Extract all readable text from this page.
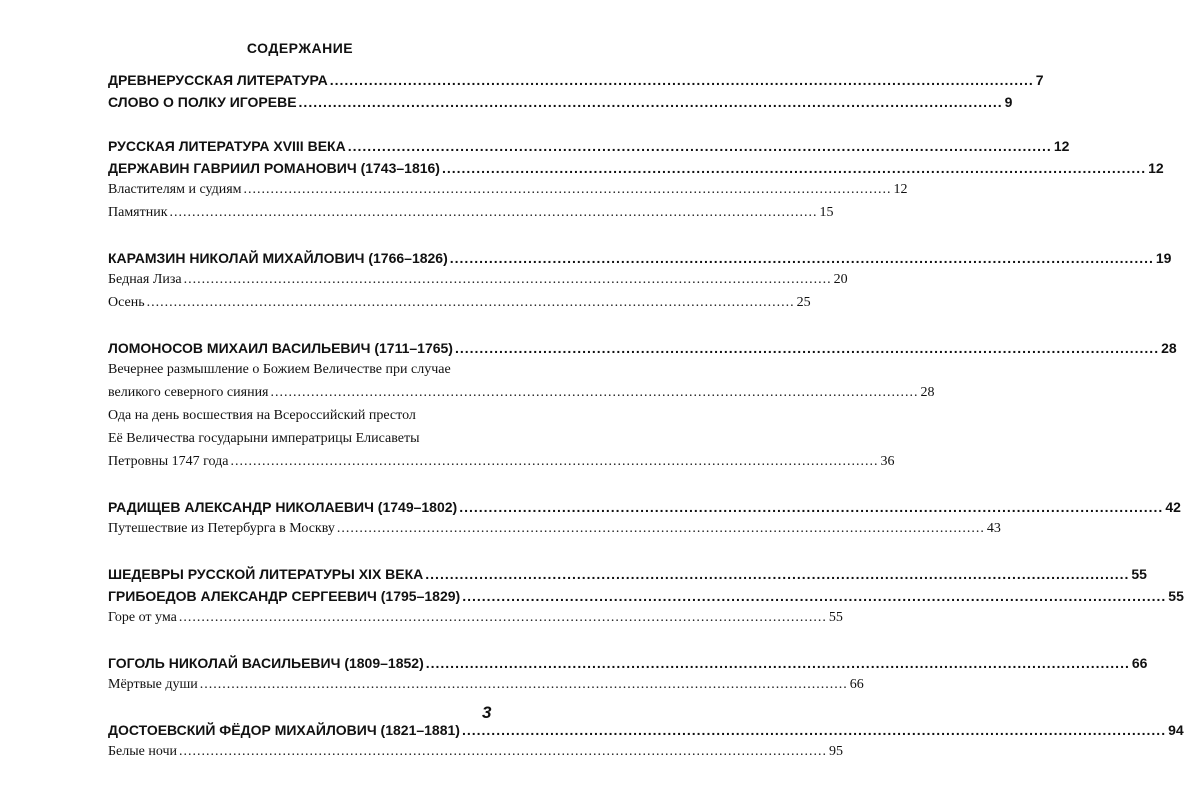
СОДЕРЖАНИЕ
ДРЕВНЕРУССКАЯ ЛИТЕРАТУРА .....	7
СЛОВО О ПОЛКУ ИГОРЕВЕ .....	9
РУССКАЯ ЛИТЕРАТУРА XVIII ВЕКА .....	12
ДЕРЖАВИН ГАВРИИЛ РОМАНОВИЧ (1743–1816) .....	12
Властителям и судиям .....	12
Памятник .....	15
КАРАМЗИН НИКОЛАЙ МИХАЙЛОВИЧ (1766–1826) .....	19
Бедная Лиза .....	20
Осень .....	25
ЛОМОНОСОВ МИХАИЛ ВАСИЛЬЕВИЧ (1711–1765) .....	28
Вечернее размышление о Божием Величестве при случае
великого северного сияния .....	28
Ода на день восшествия на Всероссийский престол
Её Величества государыни императрицы Елисаветы
Петровны 1747 года .....	36
РАДИЩЕВ АЛЕКСАНДР НИКОЛАЕВИЧ (1749–1802) .....	42
Путешествие из Петербурга в Москву .....	43
ШЕДЕВРЫ РУССКОЙ ЛИТЕРАТУРЫ XIX ВЕКА .....	55
ГРИБОЕДОВ АЛЕКСАНДР СЕРГЕЕВИЧ (1795–1829) .....	55
Горе от ума .....	55
ГОГОЛЬ НИКОЛАЙ ВАСИЛЬЕВИЧ (1809–1852) .....	66
Мёртвые души .....	66
ДОСТОЕВСКИЙ ФЁДОР МИХАЙЛОВИЧ (1821–1881) .....	94
Белые ночи .....	95
3
